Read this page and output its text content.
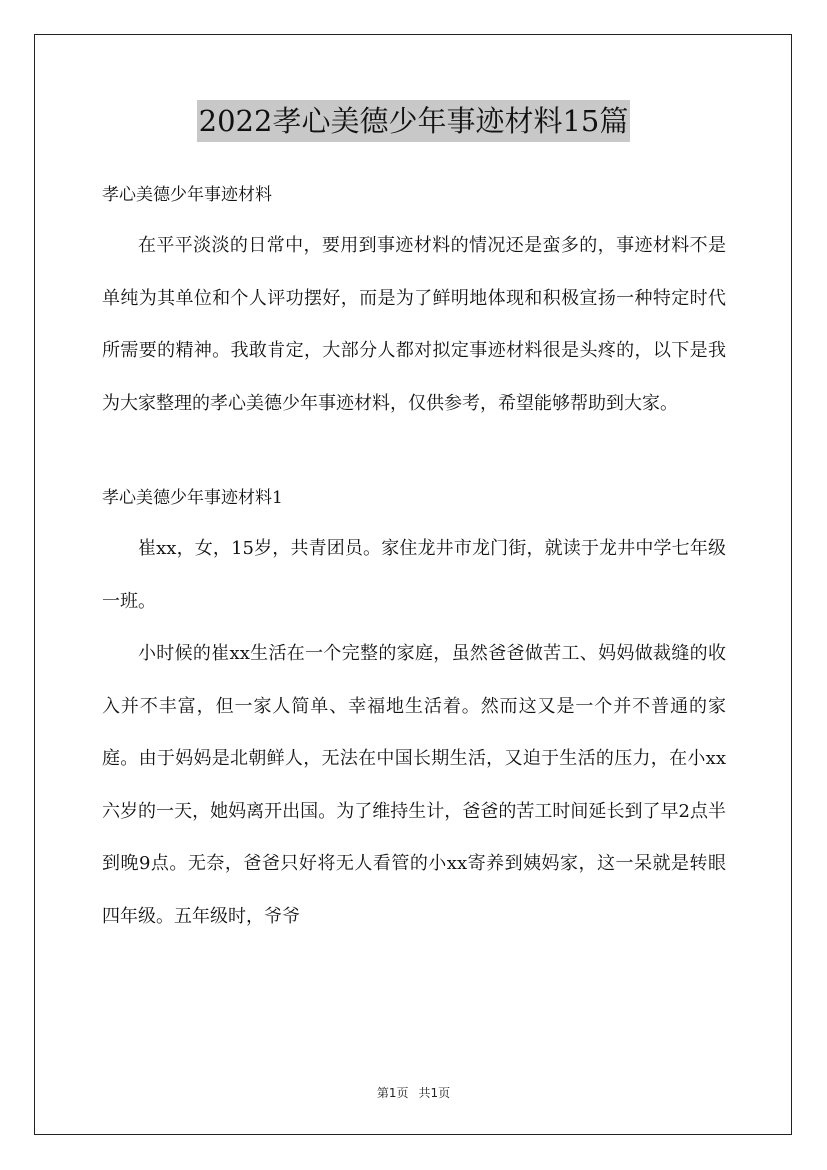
2022孝心美德少年事迹材料15篇

孝心美德少年事迹材料

在平平淡淡的日常中，要用到事迹材料的情况还是蛮多的，事迹材料不是单纯为其单位和个人评功摆好，而是为了鲜明地体现和积极宣扬一种特定时代所需要的精神。我敢肯定，大部分人都对拟定事迹材料很是头疼的，以下是我为大家整理的孝心美德少年事迹材料，仅供参考，希望能够帮助到大家。

孝心美德少年事迹材料1

崔xx，女，15岁，共青团员。家住龙井市龙门街，就读于龙井中学七年级一班。

小时候的崔xx生活在一个完整的家庭，虽然爸爸做苦工、妈妈做裁缝的收入并不丰富，但一家人简单、幸福地生活着。然而这又是一个并不普通的家庭。由于妈妈是北朝鲜人，无法在中国长期生活，又迫于生活的压力，在小xx六岁的一天，她妈离开出国。为了维持生计，爸爸的苦工时间延长到了早2点半到晚9点。无奈，爸爸只好将无人看管的小xx寄养到姨妈家，这一呆就是转眼四年级。五年级时，爷爷

第1页 共1页
